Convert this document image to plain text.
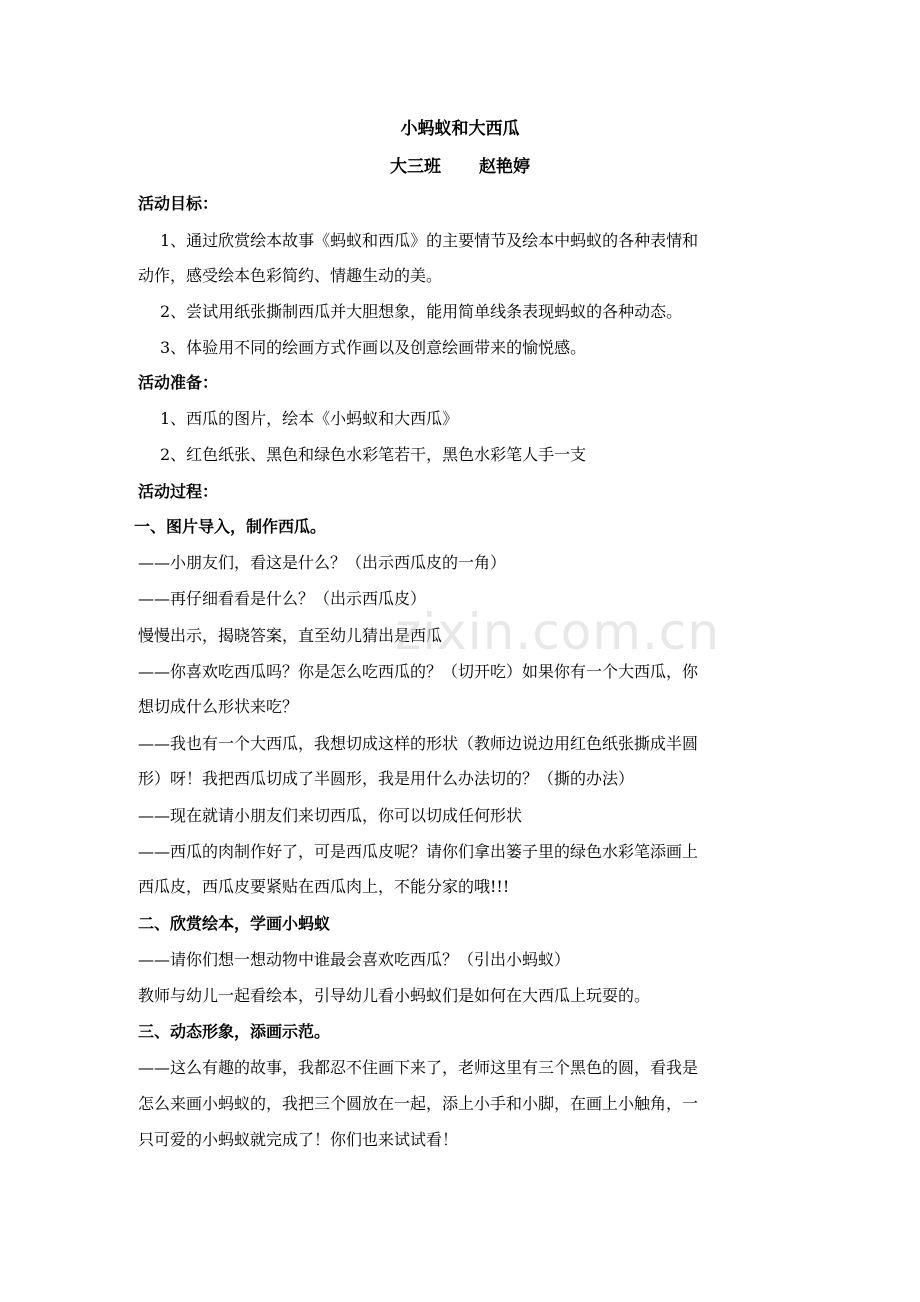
小蚂蚁和大西瓜
大三班 赵艳婷
活动目标：
1、通过欣赏绘本故事《蚂蚁和西瓜》的主要情节及绘本中蚂蚁的各种表情和
动作，感受绘本色彩简约、情趣生动的美。
2、尝试用纸张撕制西瓜并大胆想象，能用简单线条表现蚂蚁的各种动态。
3、体验用不同的绘画方式作画以及创意绘画带来的愉悦感。
活动准备：
1、西瓜的图片，绘本《小蚂蚁和大西瓜》
2、红色纸张、黑色和绿色水彩笔若干，黑色水彩笔人手一支
活动过程：
一、图片导入，制作西瓜。
——小朋友们，看这是什么？（出示西瓜皮的一角）
——再仔细看看是什么？（出示西瓜皮）
慢慢出示，揭晓答案，直至幼儿猜出是西瓜
——你喜欢吃西瓜吗？你是怎么吃西瓜的？（切开吃）如果你有一个大西瓜，你
想切成什么形状来吃？
——我也有一个大西瓜，我想切成这样的形状（教师边说边用红色纸张撕成半圆
形）呀！我把西瓜切成了半圆形，我是用什么办法切的？（撕的办法）
——现在就请小朋友们来切西瓜，你可以切成任何形状
——西瓜的肉制作好了，可是西瓜皮呢？请你们拿出篓子里的绿色水彩笔添画上
西瓜皮，西瓜皮要紧贴在西瓜肉上，不能分家的哦!!!
二、欣赏绘本，学画小蚂蚁
——请你们想一想动物中谁最会喜欢吃西瓜？（引出小蚂蚁）
教师与幼儿一起看绘本，引导幼儿看小蚂蚁们是如何在大西瓜上玩耍的。
三、动态形象，添画示范。
——这么有趣的故事，我都忍不住画下来了，老师这里有三个黑色的圆，看我是
怎么来画小蚂蚁的，我把三个圆放在一起，添上小手和小脚，在画上小触角，一
只可爱的小蚂蚁就完成了！你们也来试试看！
zixin.com.cn
